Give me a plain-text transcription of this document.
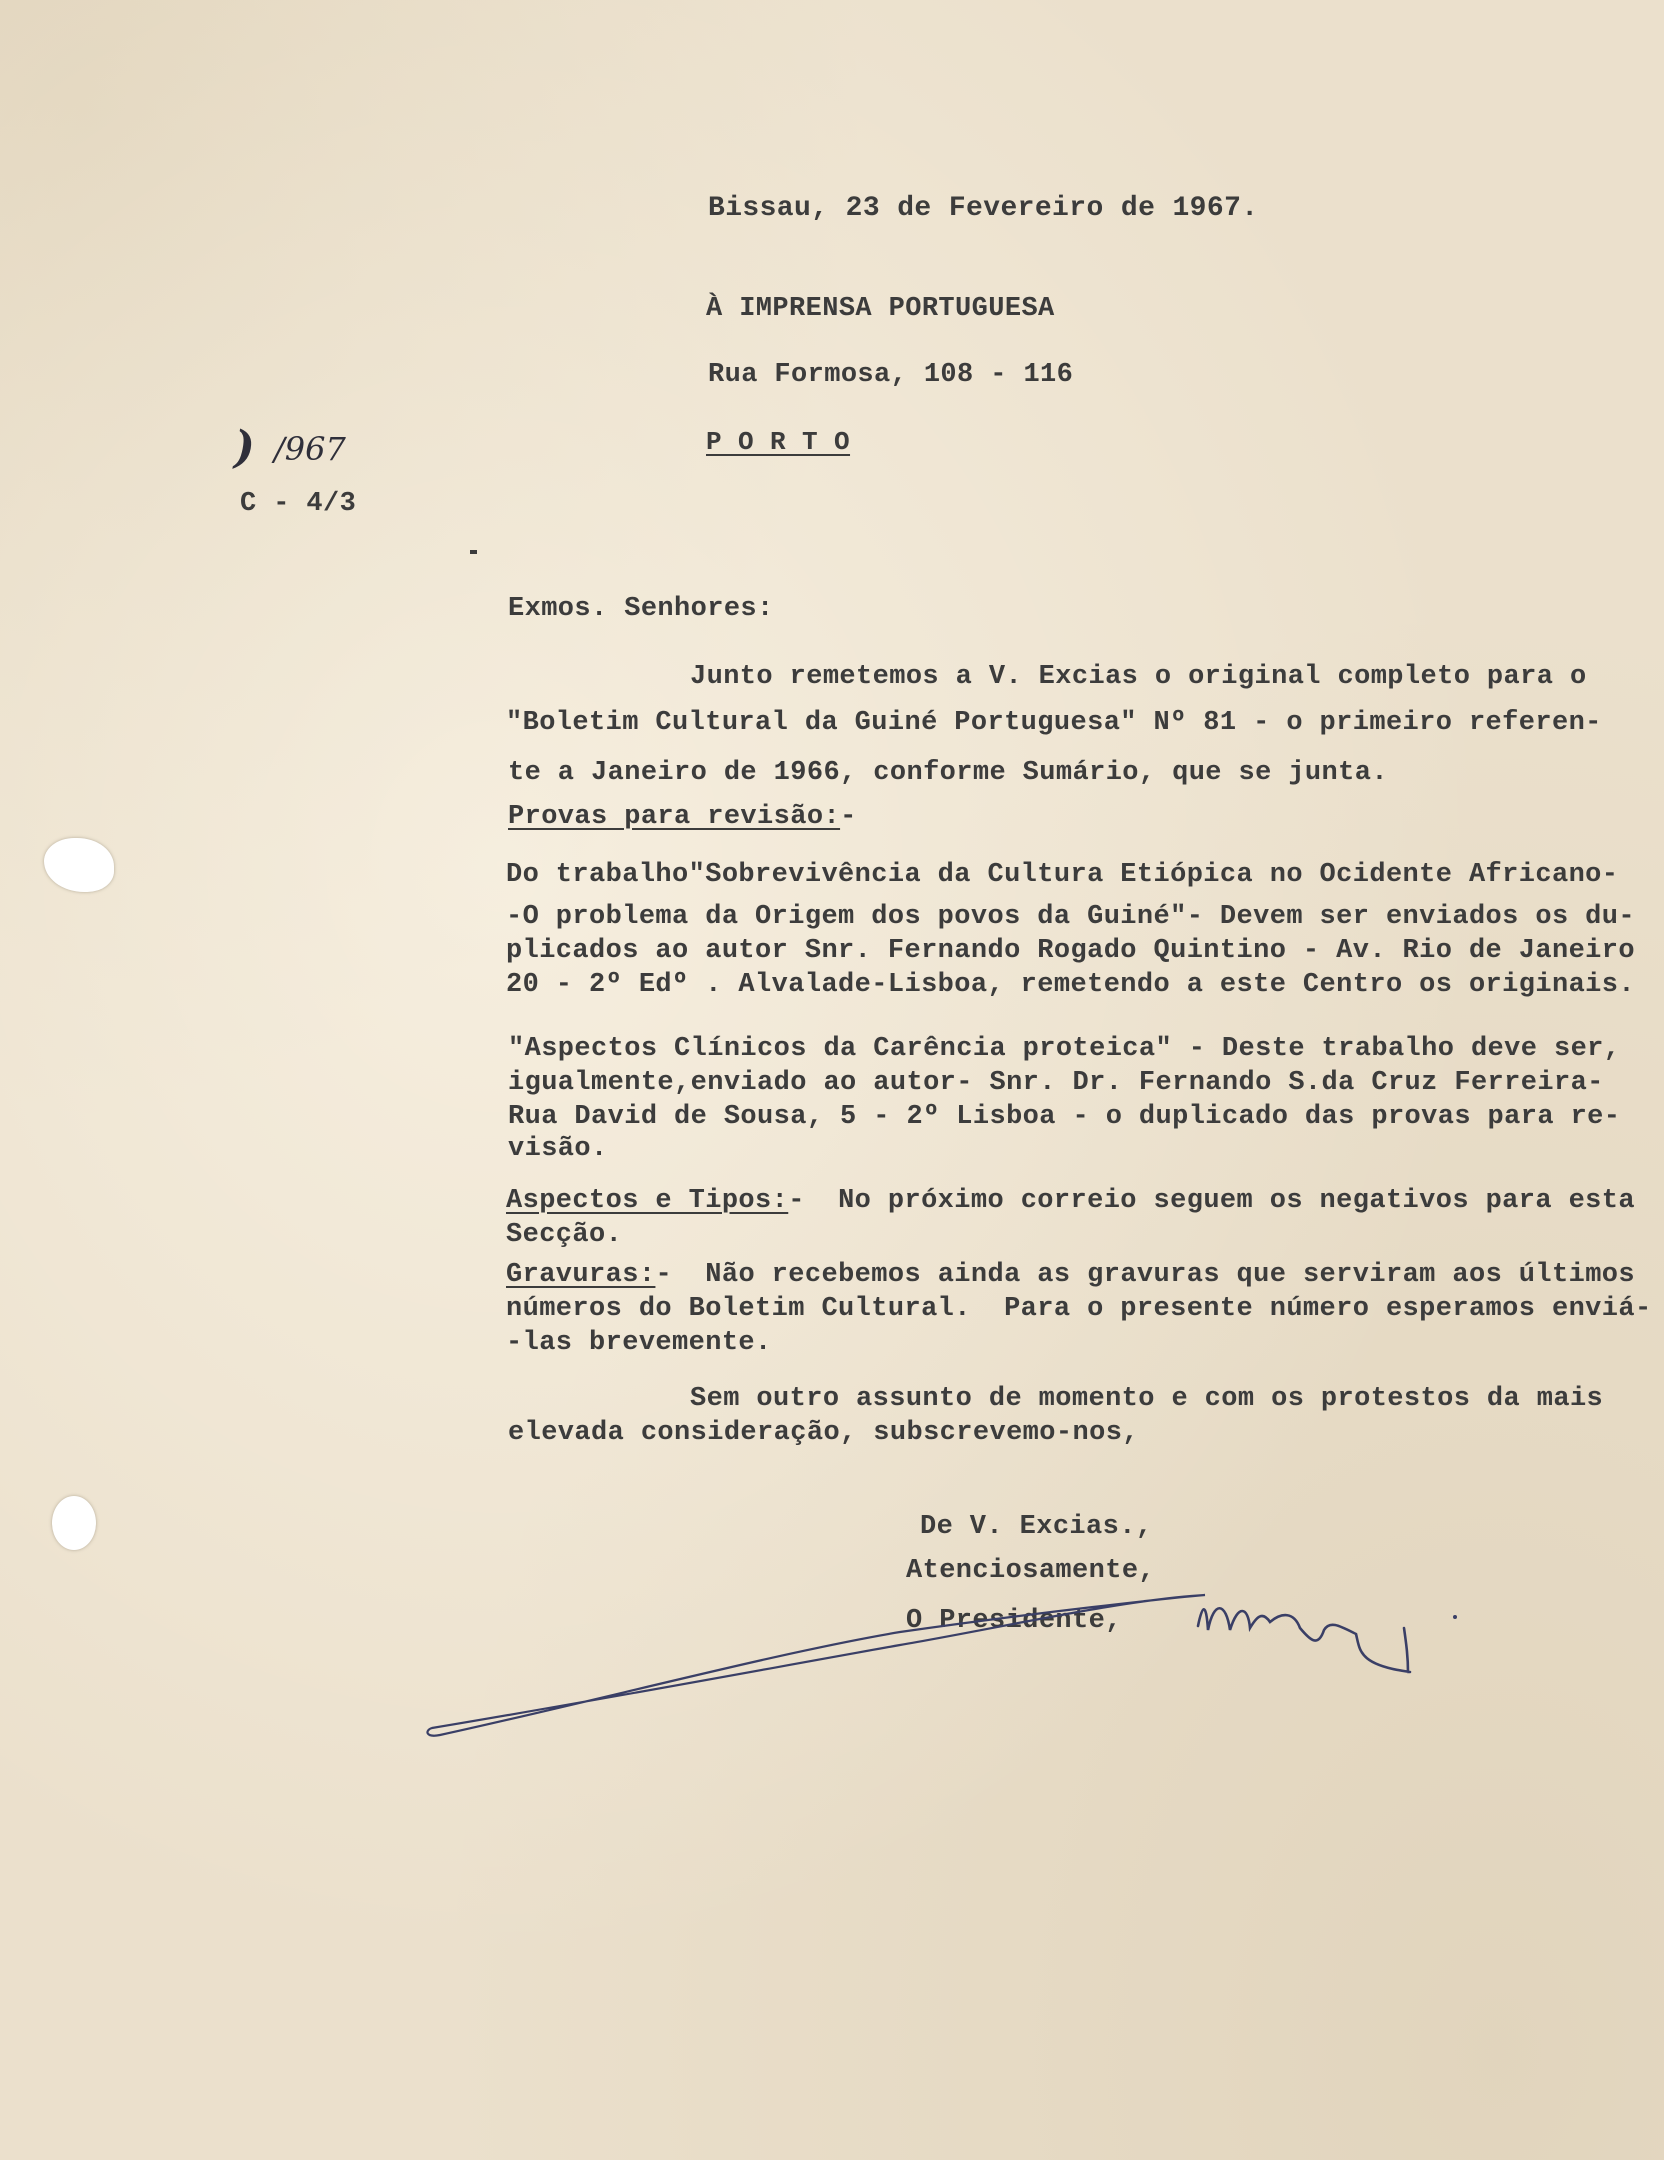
Bissau, 23 de Fevereiro de 1967.
À IMPRENSA PORTUGUESA
Rua Formosa, 108 - 116
P O R T O
) /967
C - 4/3
Exmos. Senhores:
Junto remetemos a V. Excias o original completo para o
"Boletim Cultural da Guiné Portuguesa" Nº 81 - o primeiro referen-
te a Janeiro de 1966, conforme Sumário, que se junta.
Provas para revisão:-
Do trabalho"Sobrevivência da Cultura Etiópica no Ocidente Africano-
-O problema da Origem dos povos da Guiné"- Devem ser enviados os du-
plicados ao autor Snr. Fernando Rogado Quintino - Av. Rio de Janeiro
20 - 2º Edº . Alvalade-Lisboa, remetendo a este Centro os originais.
"Aspectos Clínicos da Carência proteica" - Deste trabalho deve ser,
igualmente,enviado ao autor- Snr. Dr. Fernando S.da Cruz Ferreira-
Rua David de Sousa, 5 - 2º Lisboa - o duplicado das provas para re-
visão.
Aspectos e Tipos:-  No próximo correio seguem os negativos para esta
Secção.
Gravuras:-  Não recebemos ainda as gravuras que serviram aos últimos
números do Boletim Cultural.  Para o presente número esperamos enviá-
-las brevemente.
Sem outro assunto de momento e com os protestos da mais
elevada consideração, subscrevemo-nos,
De V. Excias.,
Atenciosamente,
O Presidente,
